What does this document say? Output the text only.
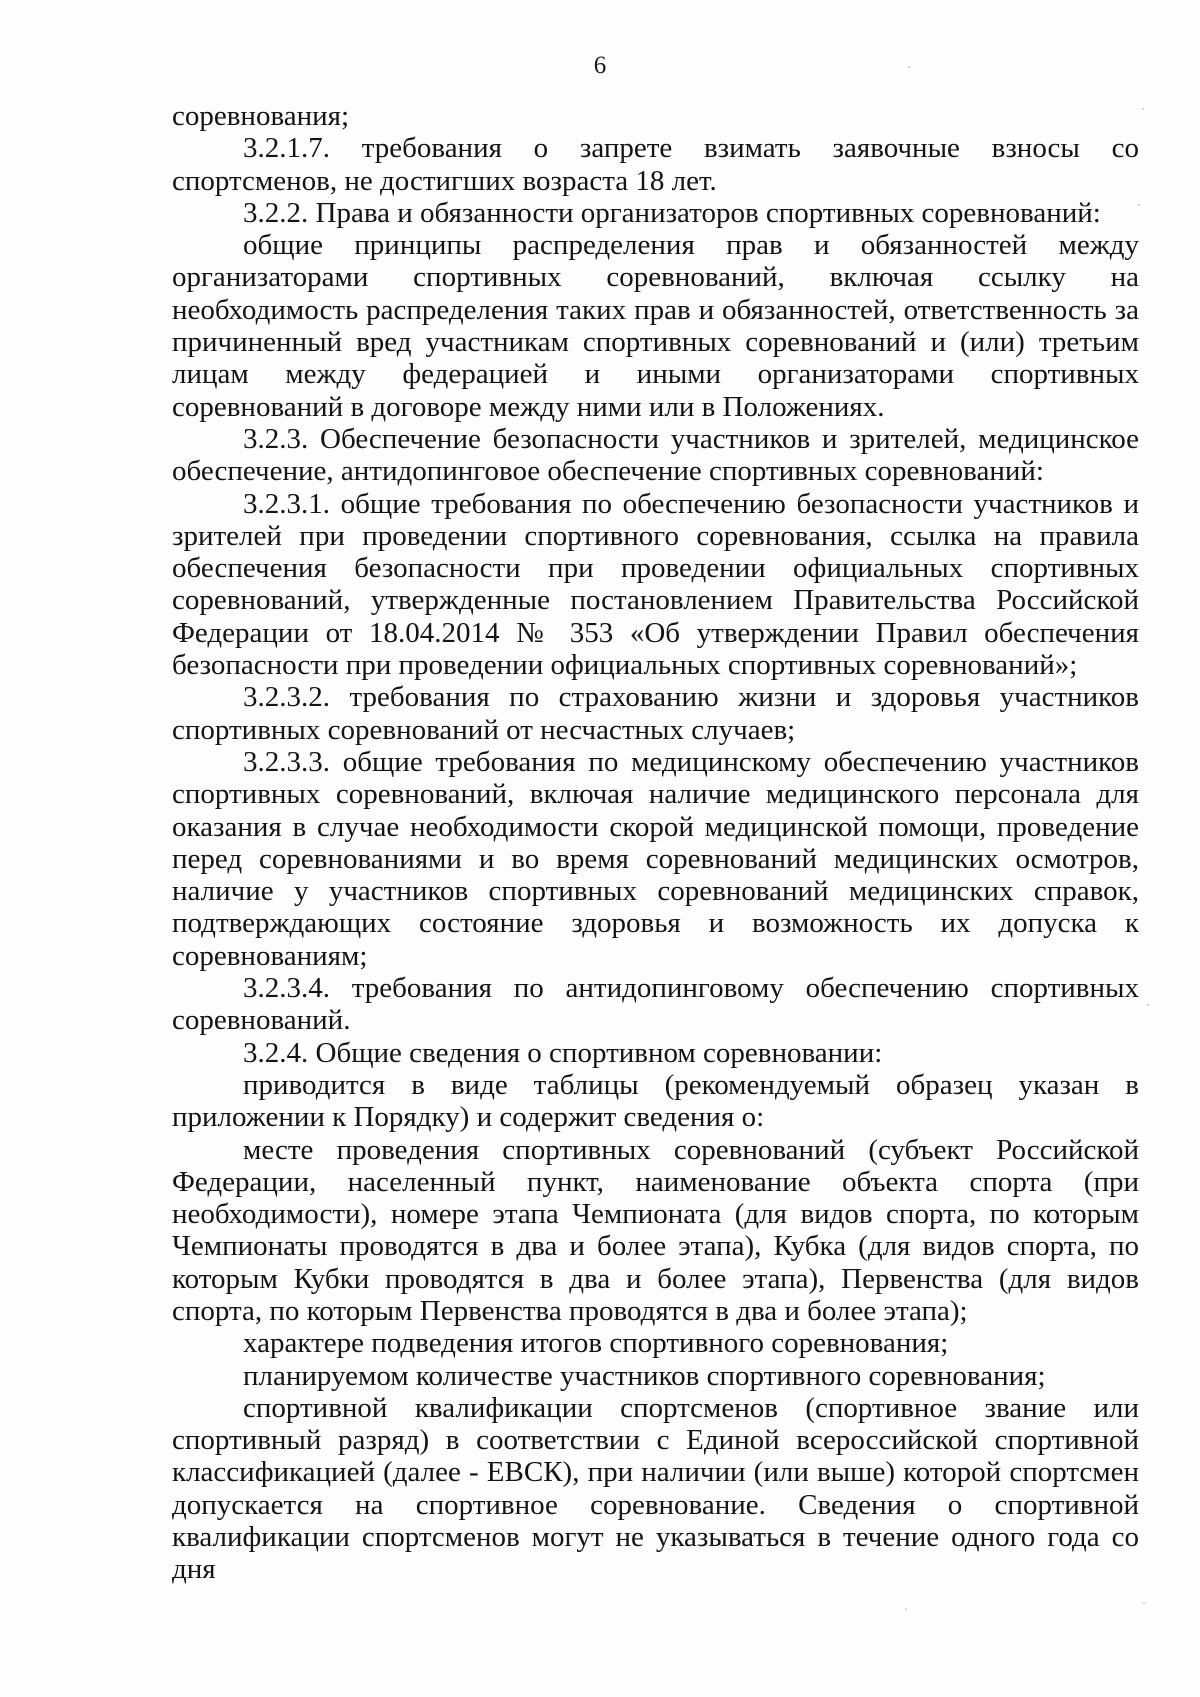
6

соревнования;

3.2.1.7. требования о запрете взимать заявочные взносы со спортсменов, не достигших возраста 18 лет.

3.2.2. Права и обязанности организаторов спортивных соревнований:

общие принципы распределения прав и обязанностей между организаторами спортивных соревнований, включая ссылку на необходимость распределения таких прав и обязанностей, ответственность за причиненный вред участникам спортивных соревнований и (или) третьим лицам между федерацией и иными организаторами спортивных соревнований в договоре между ними или в Положениях.

3.2.3. Обеспечение безопасности участников и зрителей, медицинское обеспечение, антидопинговое обеспечение спортивных соревнований:

3.2.3.1. общие требования по обеспечению безопасности участников и зрителей при проведении спортивного соревнования, ссылка на правила обеспечения безопасности при проведении официальных спортивных соревнований, утвержденные постановлением Правительства Российской Федерации от 18.04.2014 № 353 «Об утверждении Правил обеспечения безопасности при проведении официальных спортивных соревнований»;

3.2.3.2. требования по страхованию жизни и здоровья участников спортивных соревнований от несчастных случаев;

3.2.3.3. общие требования по медицинскому обеспечению участников спортивных соревнований, включая наличие медицинского персонала для оказания в случае необходимости скорой медицинской помощи, проведение перед соревнованиями и во время соревнований медицинских осмотров, наличие у участников спортивных соревнований медицинских справок, подтверждающих состояние здоровья и возможность их допуска к соревнованиям;

3.2.3.4. требования по антидопинговому обеспечению спортивных соревнований.

3.2.4. Общие сведения о спортивном соревновании:

приводится в виде таблицы (рекомендуемый образец указан в приложении к Порядку) и содержит сведения о:

месте проведения спортивных соревнований (субъект Российской Федерации, населенный пункт, наименование объекта спорта (при необходимости), номере этапа Чемпионата (для видов спорта, по которым Чемпионаты проводятся в два и более этапа), Кубка (для видов спорта, по которым Кубки проводятся в два и более этапа), Первенства (для видов спорта, по которым Первенства проводятся в два и более этапа);

характере подведения итогов спортивного соревнования;

планируемом количестве участников спортивного соревнования;

спортивной квалификации спортсменов (спортивное звание или спортивный разряд) в соответствии с Единой всероссийской спортивной классификацией (далее - ЕВСК), при наличии (или выше) которой спортсмен допускается на спортивное соревнование. Сведения о спортивной квалификации спортсменов могут не указываться в течение одного года со дня
